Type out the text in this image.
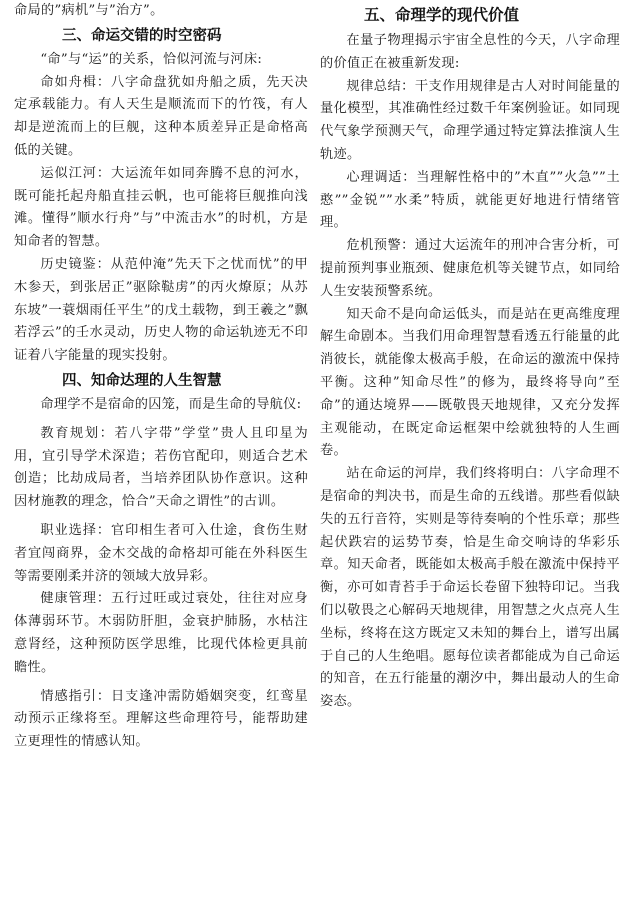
命局的”病机”与”治方”。

三、命运交错的时空密码

“命”与“运”的关系，恰似河流与河床:

命如舟楫：八字命盘犹如舟船之质，先天决定承载能力。有人天生是顺流而下的竹筏，有人却是逆流而上的巨舰，这种本质差异正是命格高低的关键。

运似江河：大运流年如同奔腾不息的河水，既可能托起舟船直挂云帆，也可能将巨舰推向浅滩。懂得”顺水行舟”与”中流击水”的时机，方是知命者的智慧。

历史镜鉴：从范仲淹”先天下之忧而忧”的甲木参天，到张居正”驱除鞑虏”的丙火燎原；从苏东坡”一蓑烟雨任平生”的戊土载物，到王羲之”飘若浮云”的壬水灵动，历史人物的命运轨迹无不印证着八字能量的现实投射。

四、知命达理的人生智慧

命理学不是宿命的囚笼，而是生命的导航仪:

教育规划：若八字带”学堂”贵人且印星为用，宜引导学术深造；若伤官配印，则适合艺术创造；比劫成局者，当培养团队协作意识。这种因材施教的理念，恰合”天命之谓性”的古训。

职业选择：官印相生者可入仕途，食伤生财者宜闯商界，金木交战的命格却可能在外科医生等需要刚柔并济的领域大放异彩。

健康管理：五行过旺或过衰处，往往对应身体薄弱环节。木弱防肝胆，金衰护肺肠，水枯注意肾经，这种预防医学思维，比现代体检更具前瞻性。

情感指引：日支逢冲需防婚姻突变，红鸾星动预示正缘将至。理解这些命理符号，能帮助建立更理性的情感认知。

五、命理学的现代价值

在量子物理揭示宇宙全息性的今天，八字命理的价值正在被重新发现:

规律总结：干支作用规律是古人对时间能量的量化模型，其准确性经过数千年案例验证。如同现代气象学预测天气，命理学通过特定算法推演人生轨迹。

心理调适：当理解性格中的”木直””火急””土憨””金锐””水柔”特质，就能更好地进行情绪管理。

危机预警：通过大运流年的刑冲合害分析，可提前预判事业瓶颈、健康危机等关键节点，如同给人生安装预警系统。

知天命不是向命运低头，而是站在更高维度理解生命剧本。当我们用命理智慧看透五行能量的此消彼长，就能像太极高手般，在命运的激流中保持平衡。这种”知命尽性”的修为，最终将导向”至命”的通达境界——既敬畏天地规律，又充分发挥主观能动，在既定命运框架中绘就独特的人生画卷。

站在命运的河岸，我们终将明白：八字命理不是宿命的判决书，而是生命的五线谱。那些看似缺失的五行音符，实则是等待奏响的个性乐章；那些起伏跌宕的运势节奏，恰是生命交响诗的华彩乐章。知天命者，既能如太极高手般在激流中保持平衡，亦可如青苔手于命运长卷留下独特印记。当我们以敬畏之心解码天地规律，用智慧之火点亮人生坐标，终将在这方既定又未知的舞台上，谱写出属于自己的人生绝唱。愿每位读者都能成为自己命运的知音，在五行能量的潮汐中，舞出最动人的生命姿态。
